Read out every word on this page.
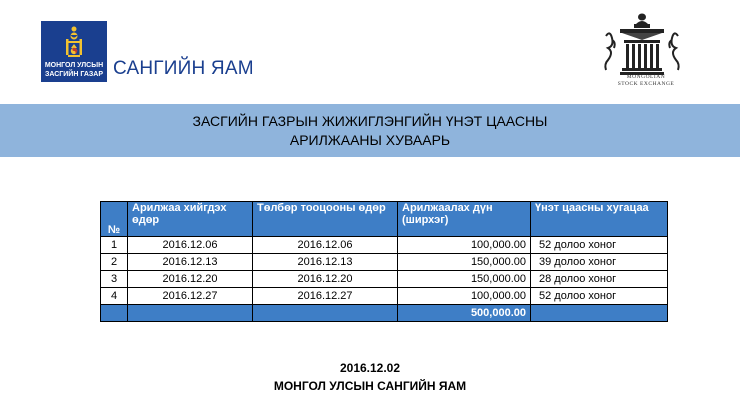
МОНГОЛ УЛСЫН
ЗАСГИЙН ГАЗАР САНГИЙН ЯАМ	MONGOLIAN
STOCK EXCHANGE
ЗАСГИЙН ГАЗРЫН ЖИЖИГЛЭНГИЙН ҮНЭТ ЦААСНЫ
АРИЛЖААНЫ ХУВААРЬ
№	Арилжаа хийгдэх өдөр	Төлбөр тооцооны өдөр	Арилжаалах дүн (ширхэг)	Үнэт цаасны хугацаа
1	2016.12.06	2016.12.06	100,000.00	52 долоо хоног
2	2016.12.13	2016.12.13	150,000.00	39 долоо хоног
3	2016.12.20	2016.12.20	150,000.00	28 долоо хоног
4	2016.12.27	2016.12.27	100,000.00	52 долоо хоног
			500,000.00	
2016.12.02
МОНГОЛ УЛСЫН САНГИЙН ЯАМ
